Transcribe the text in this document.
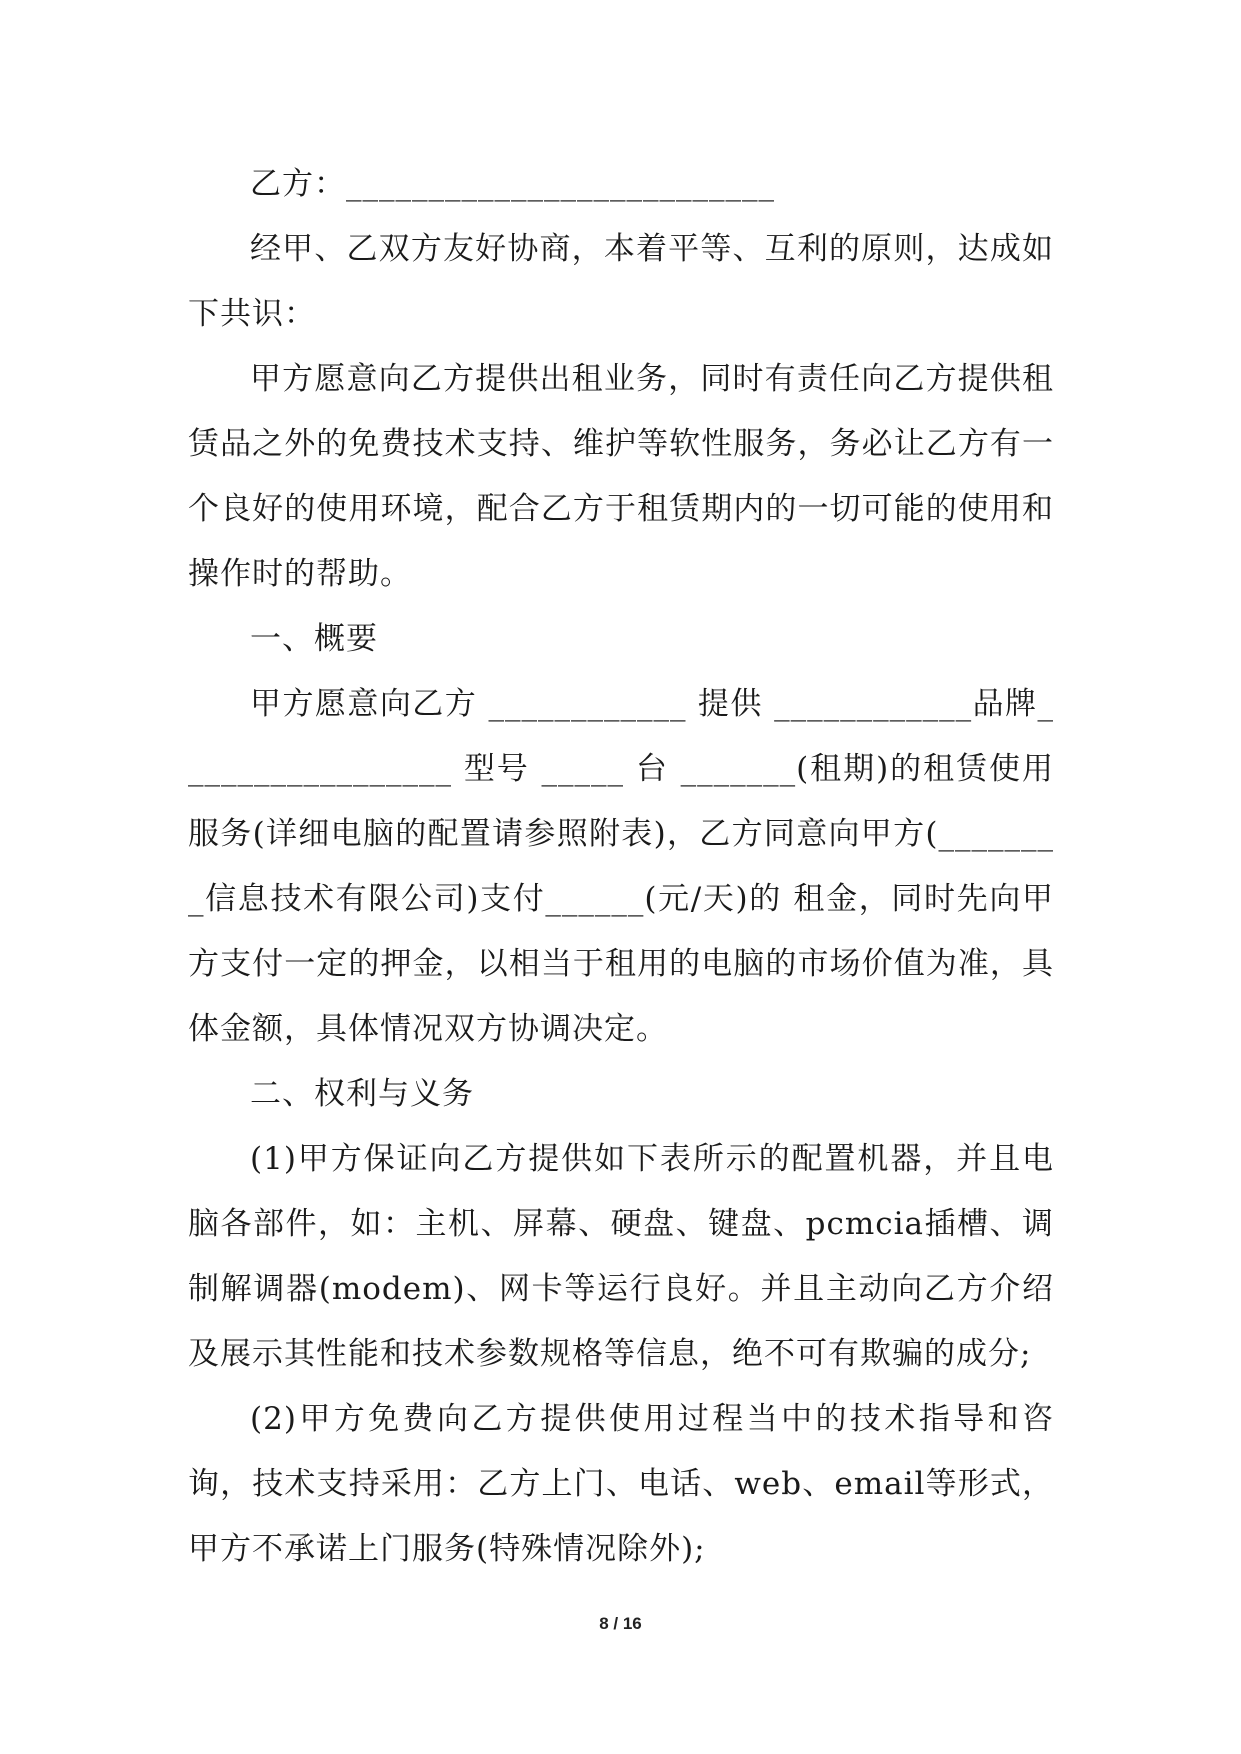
乙方：__________________________

经甲、乙双方友好协商，本着平等、互利的原则，达成如下共识：

甲方愿意向乙方提供出租业务，同时有责任向乙方提供租赁品之外的免费技术支持、维护等软性服务，务必让乙方有一个良好的使用环境，配合乙方于租赁期内的一切可能的使用和操作时的帮助。

一、概要

甲方愿意向乙方 ____________ 提供 ____________品牌_________________ 型号 _____ 台 _______(租期)的租赁使用服务(详细电脑的配置请参照附表)，乙方同意向甲方(________信息技术有限公司)支付______(元/天)的 租金，同时先向甲方支付一定的押金，以相当于租用的电脑的市场价值为准，具体金额，具体情况双方协调决定。

二、权利与义务

(1)甲方保证向乙方提供如下表所示的配置机器，并且电脑各部件，如：主机、屏幕、硬盘、键盘、pcmcia插槽、调制解调器(modem)、网卡等运行良好。并且主动向乙方介绍及展示其性能和技术参数规格等信息，绝不可有欺骗的成分;

(2)甲方免费向乙方提供使用过程当中的技术指导和咨询，技术支持采用：乙方上门、电话、web、email等形式，甲方不承诺上门服务(特殊情况除外);

8 / 16
